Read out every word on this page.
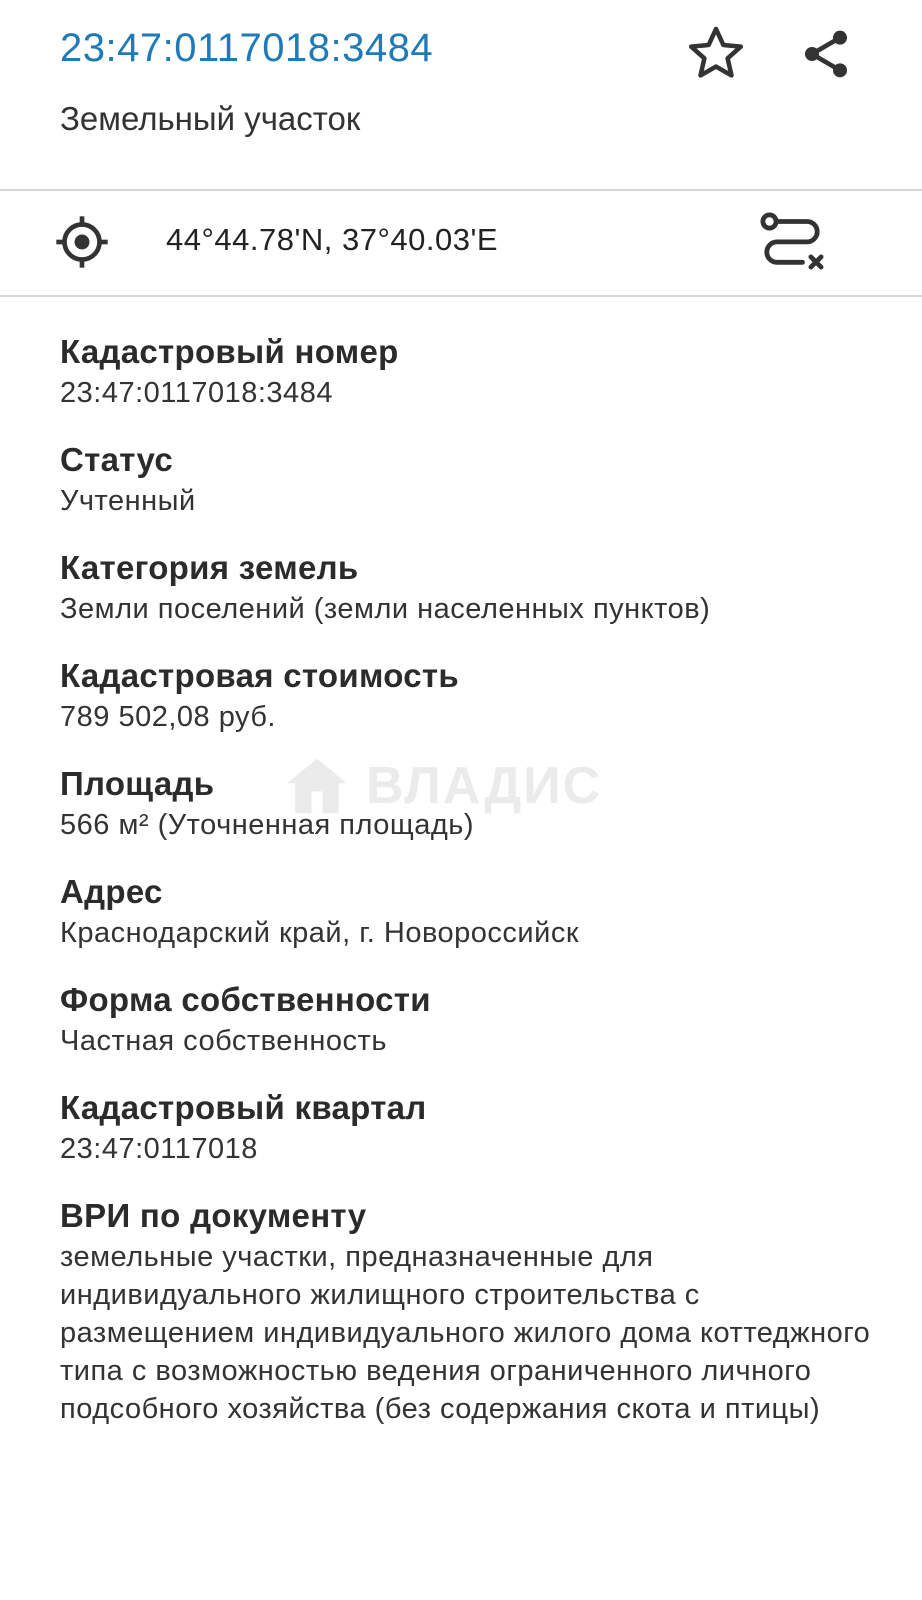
23:47:0117018:3484
Земельный участок
44°44.78'N, 37°40.03'E
Кадастровый номер
23:47:0117018:3484
Статус
Учтенный
Категория земель
Земли поселений (земли населенных пунктов)
Кадастровая стоимость
789 502,08 руб.
Площадь
566 м² (Уточненная площадь)
Адрес
Краснодарский край, г. Новороссийск
Форма собственности
Частная собственность
Кадастровый квартал
23:47:0117018
ВРИ по документу
земельные участки, предназначенные для индивидуального жилищного строительства с размещением индивидуального жилого дома коттеджного типа с возможностью ведения ограниченного личного подсобного хозяйства (без содержания скота и птицы)
ВЛАДИС
